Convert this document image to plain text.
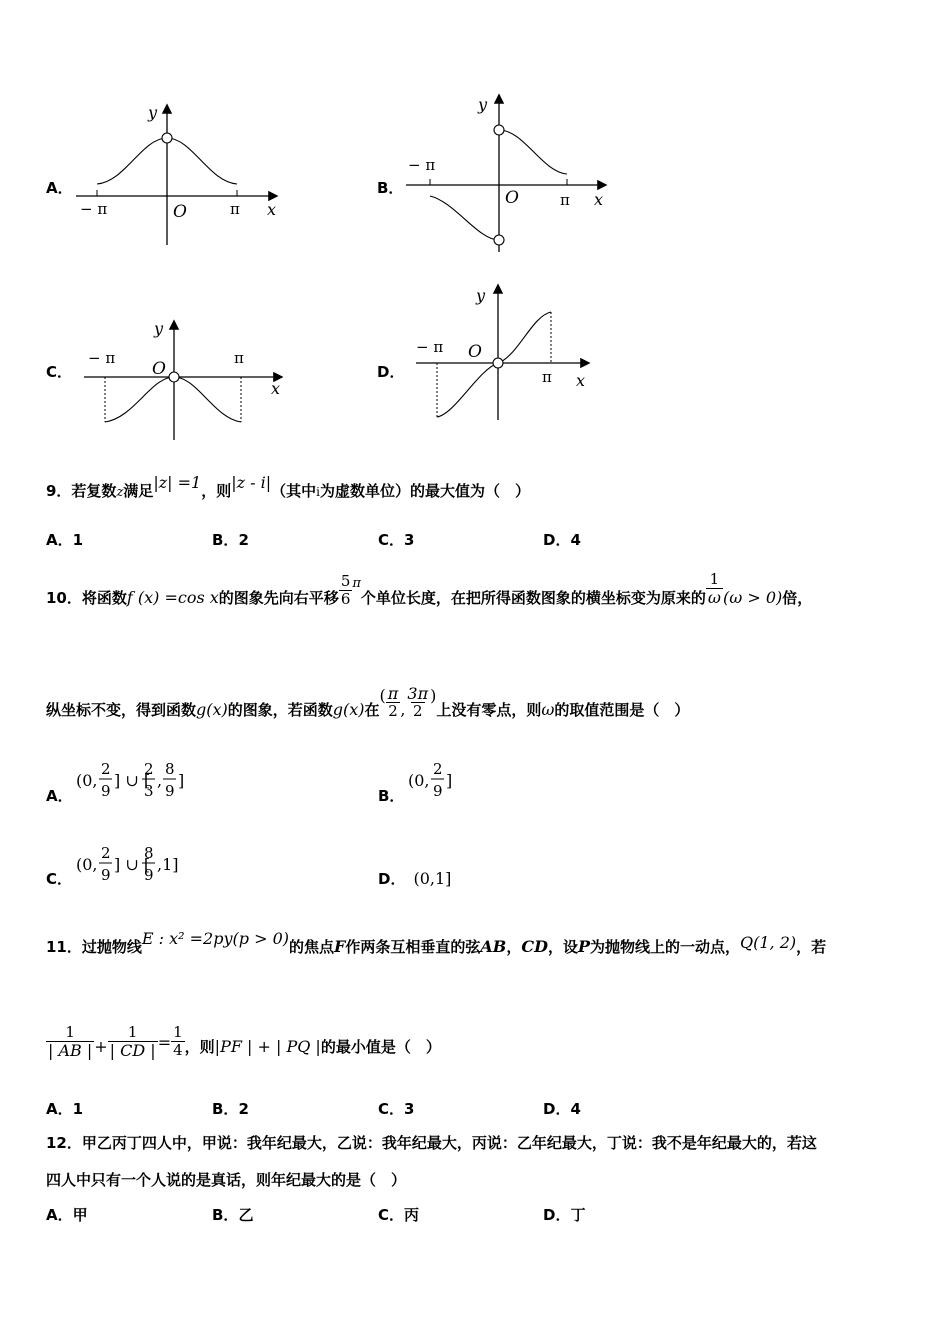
A．
y
x
O
− π	π
B．
y
x
O
− π
π
C．
y
x
O
− π	π
D．
y
x
O
− π
π
9．若复数z满足|z| =1，则|z - i|（其中i为虚数单位）的最大值为（　）
A．1	B．2	C．3	D．4
10．将函数f (x) =cos x的图象先向右平移 $\frac{5}{6}$ π个单位长度，在把所得函数图象的横坐标变为原来的 $\frac{1}{\omega} (\omega > 0)$倍，
纵坐标不变，得到函数g(x)的图象，若函数g(x)在( $\frac{\pi}{2}$ , $\frac{3\pi}{2}$ )上没有零点，则ω的取值范围是（　）
A．
(0,
2
9
] ∪ [
2
3
,
8
9
]
B．
(0,
2
9
]
C．
(0,
2
9
] ∪ [
8
9
,1]
D． (0,1]
11．过抛物线E : x² =2py(p > 0)的焦点F作两条互相垂直的弦AB，CD，设P为抛物线上的一动点，Q(1, 2)，若
$\frac{1}{| AB |} + \frac{1}{| CD |} = \frac{1}{4}$ ，则|PF | + | PQ |的最小值是（　）
A．1	B．2	C．3	D．4
12．甲乙丙丁四人中，甲说：我年纪最大，乙说：我年纪最大，丙说：乙年纪最大，丁说：我不是年纪最大的，若这
四人中只有一个人说的是真话，则年纪最大的是（　）
A．甲	B．乙	C．丙	D．丁
